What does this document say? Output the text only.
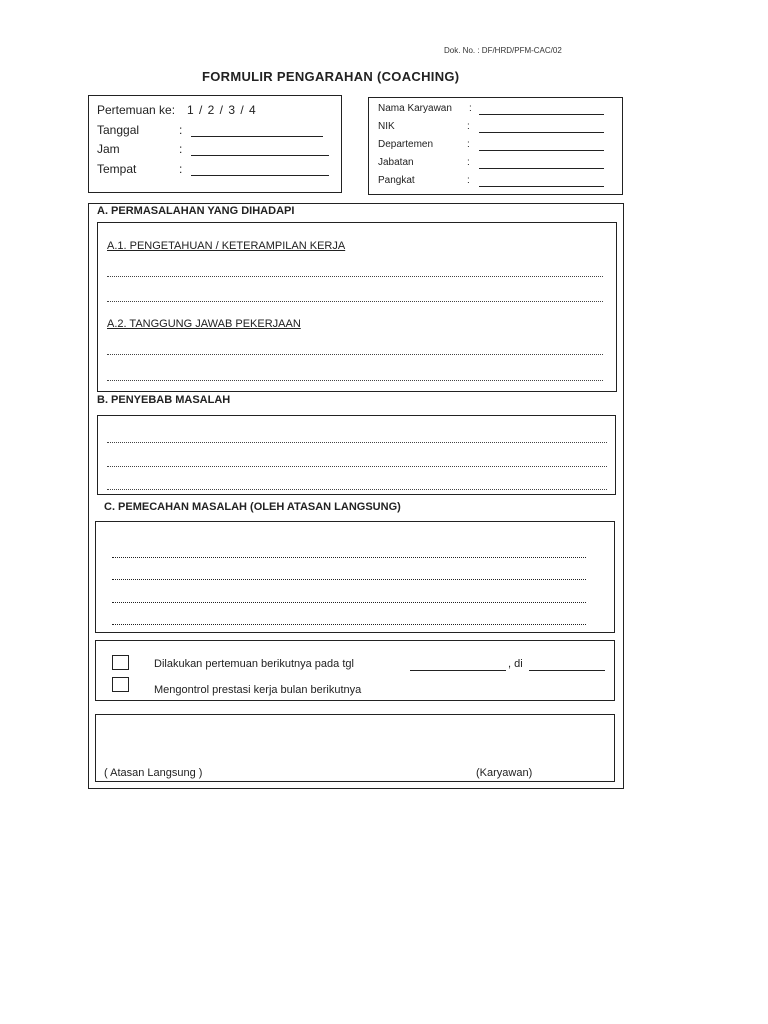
Dok. No. : DF/HRD/PFM-CAC/02
FORMULIR PENGARAHAN (COACHING)
Pertemuan ke: 1 / 2 / 3 / 4
Tanggal	:
Jam	:
Tempat	:
Nama Karyawan :
NIK	:
Departemen	:
Jabatan	:
Pangkat	:
A. PERMASALAHAN YANG DIHADAPI
A.1. PENGETAHUAN / KETERAMPILAN KERJA
A.2. TANGGUNG JAWAB PEKERJAAN
B. PENYEBAB MASALAH
C. PEMECAHAN MASALAH (OLEH ATASAN LANGSUNG)
Dilakukan pertemuan berikutnya pada tgl	, di
Mengontrol prestasi kerja bulan berikutnya
( Atasan Langsung )	(Karyawan)
